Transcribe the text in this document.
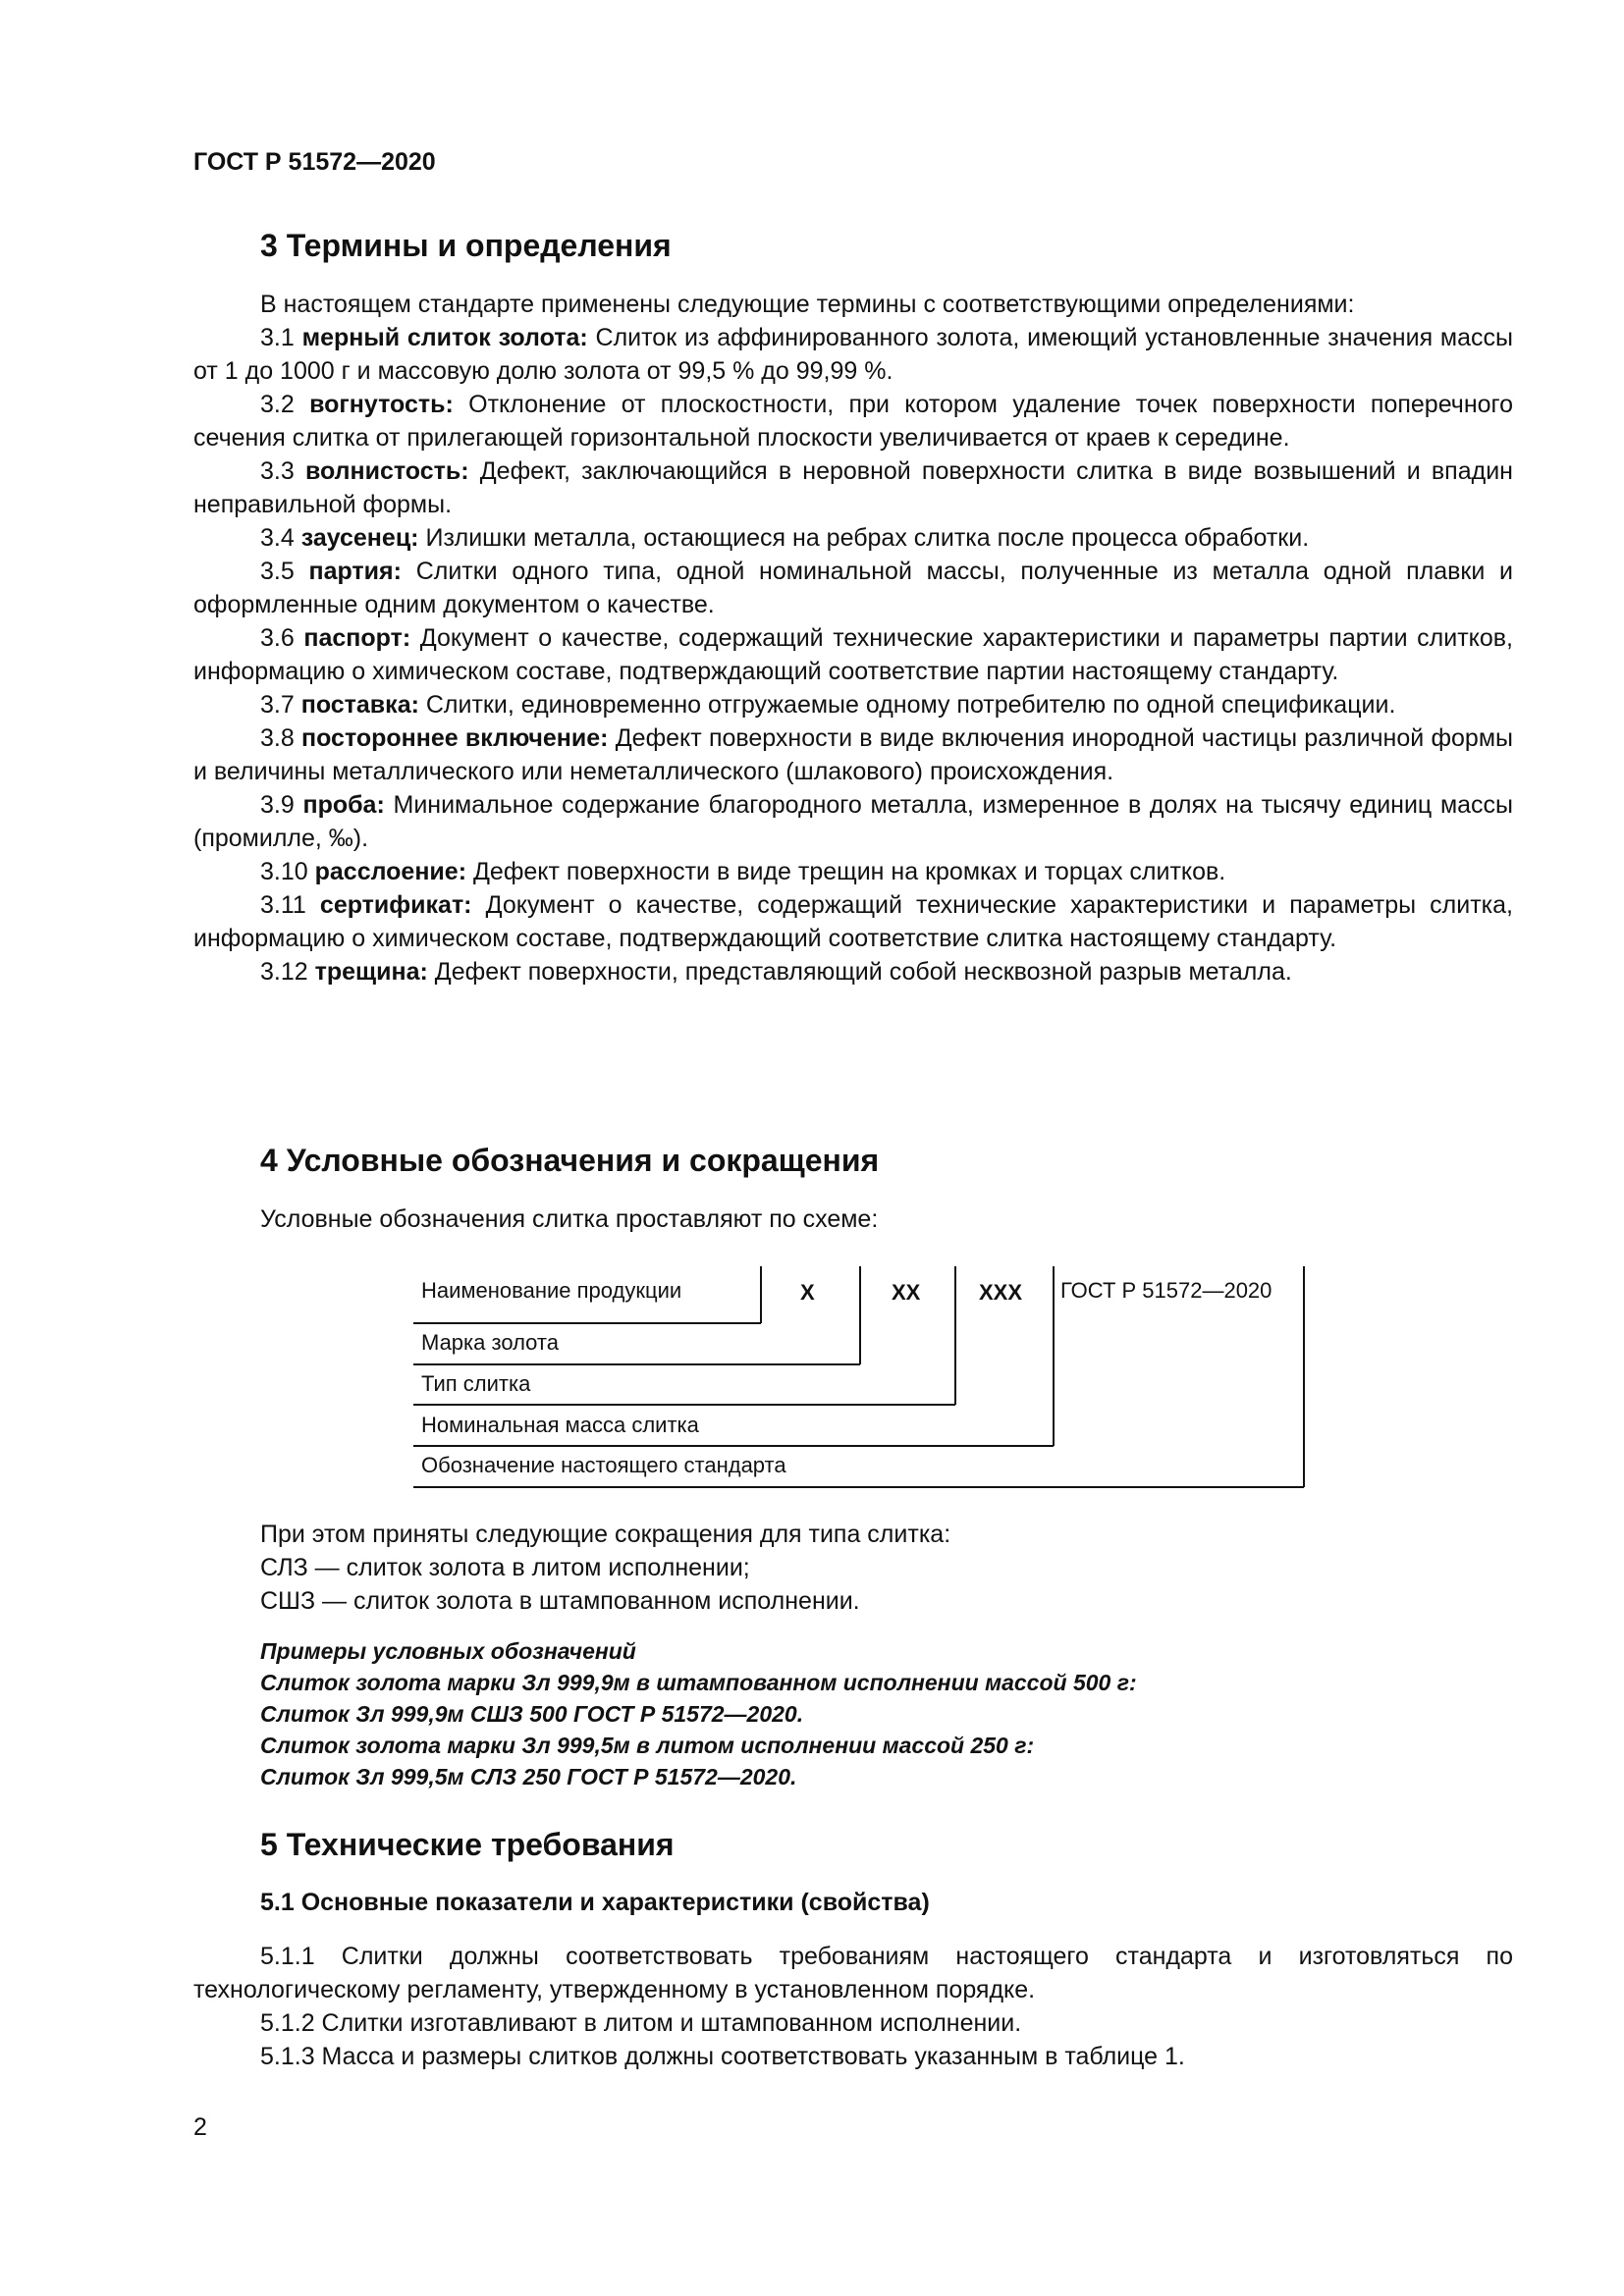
ГОСТ Р 51572—2020
3 Термины и определения

В настоящем стандарте применены следующие термины с соответствующими определениями:

3.1 мерный слиток золота: Слиток из аффинированного золота, имеющий установленные значения массы от 1 до 1000 г и массовую долю золота от 99,5 % до 99,99 %.

3.2 вогнутость: Отклонение от плоскостности, при котором удаление точек поверхности поперечного сечения слитка от прилегающей горизонтальной плоскости увеличивается от краев к середине.

3.3 волнистость: Дефект, заключающийся в неровной поверхности слитка в виде возвышений и впадин неправильной формы.

3.4 заусенец: Излишки металла, остающиеся на ребрах слитка после процесса обработки.

3.5 партия: Слитки одного типа, одной номинальной массы, полученные из металла одной плавки и оформленные одним документом о качестве.

3.6 паспорт: Документ о качестве, содержащий технические характеристики и параметры партии слитков, информацию о химическом составе, подтверждающий соответствие партии настоящему стандарту.

3.7 поставка: Слитки, единовременно отгружаемые одному потребителю по одной спецификации.

3.8 постороннее включение: Дефект поверхности в виде включения инородной частицы различной формы и величины металлического или неметаллического (шлакового) происхождения.

3.9 проба: Минимальное содержание благородного металла, измеренное в долях на тысячу единиц массы (промилле, ‰).

3.10 расслоение: Дефект поверхности в виде трещин на кромках и торцах слитков.

3.11 сертификат: Документ о качестве, содержащий технические характеристики и параметры слитка, информацию о химическом составе, подтверждающий соответствие слитка настоящему стандарту.

3.12 трещина: Дефект поверхности, представляющий собой несквозной разрыв металла.

4 Условные обозначения и сокращения

Условные обозначения слитка проставляют по схеме:

Наименование продукции	Х	ХХ	ХХХ ГОСТ Р 51572—2020
Марка золота
Тип слитка
Номинальная масса слитка
Обозначение настоящего стандарта

При этом приняты следующие сокращения для типа слитка:

СЛЗ — слиток золота в литом исполнении;

СШЗ — слиток золота в штампованном исполнении.

Примеры условных обозначений
Слиток золота марки Зл 999,9м в штампованном исполнении массой 500 г:
Слиток Зл 999,9м СШЗ 500 ГОСТ Р 51572—2020.
Слиток золота марки Зл 999,5м в литом исполнении массой 250 г:
Слиток Зл 999,5м СЛЗ 250 ГОСТ Р 51572—2020.
5 Технические требования
5.1 Основные показатели и характеристики (свойства)

5.1.1 Слитки должны соответствовать требованиям настоящего стандарта и изготовляться по технологическому регламенту, утвержденному в установленном порядке.

5.1.2 Слитки изготавливают в литом и штампованном исполнении.

5.1.3 Масса и размеры слитков должны соответствовать указанным в таблице 1.

2
